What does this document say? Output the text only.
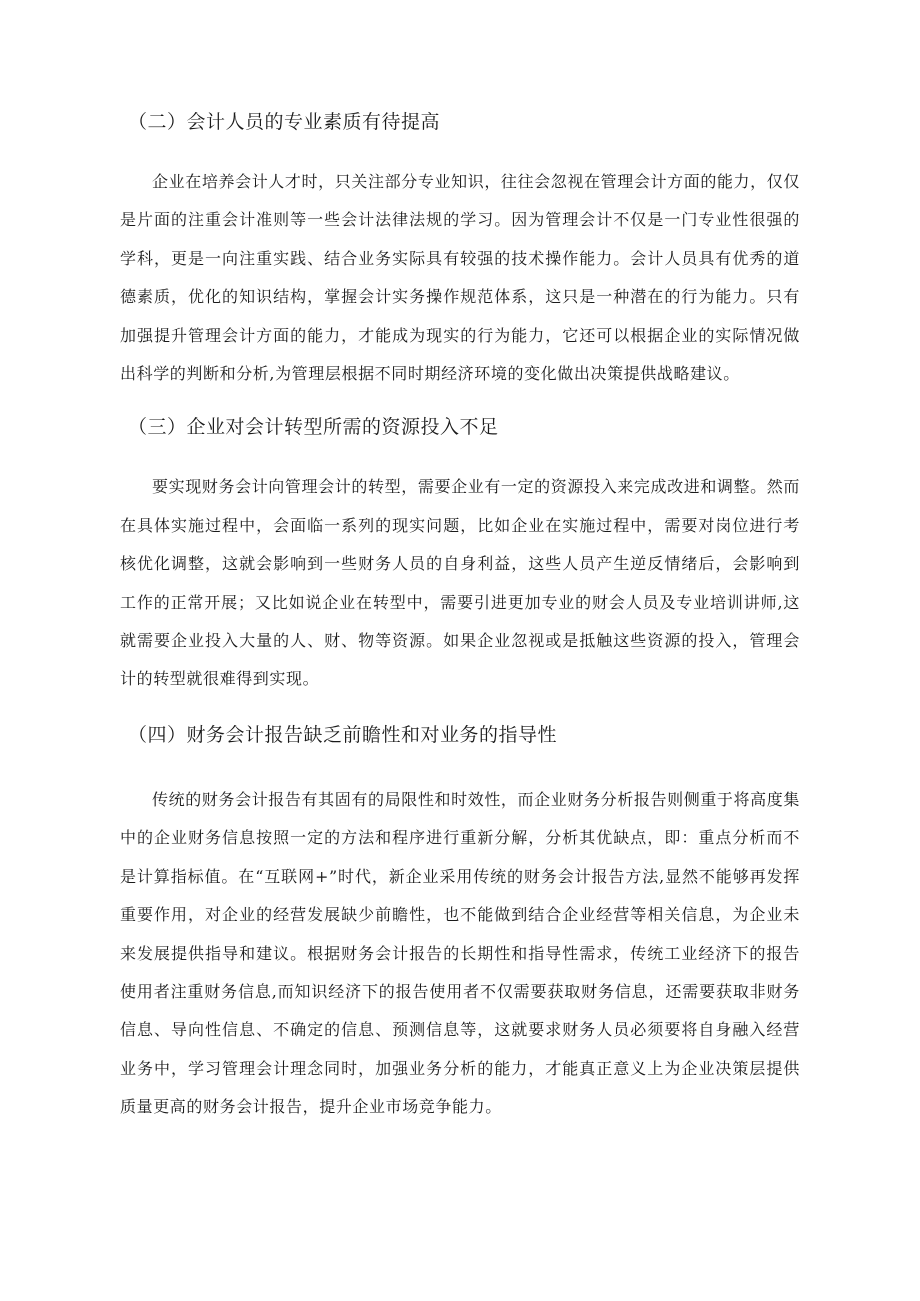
（二）会计人员的专业素质有待提高

企业在培养会计人才时，只关注部分专业知识，往往会忽视在管理会计方面的能力，仅仅是片面的注重会计准则等一些会计法律法规的学习。因为管理会计不仅是一门专业性很强的学科，更是一向注重实践、结合业务实际具有较强的技术操作能力。会计人员具有优秀的道德素质，优化的知识结构，掌握会计实务操作规范体系，这只是一种潜在的行为能力。只有加强提升管理会计方面的能力，才能成为现实的行为能力，它还可以根据企业的实际情况做出科学的判断和分析,为管理层根据不同时期经济环境的变化做出决策提供战略建议。

（三）企业对会计转型所需的资源投入不足

要实现财务会计向管理会计的转型，需要企业有一定的资源投入来完成改进和调整。然而在具体实施过程中，会面临一系列的现实问题，比如企业在实施过程中，需要对岗位进行考核优化调整，这就会影响到一些财务人员的自身利益，这些人员产生逆反情绪后，会影响到工作的正常开展；又比如说企业在转型中，需要引进更加专业的财会人员及专业培训讲师,这就需要企业投入大量的人、财、物等资源。如果企业忽视或是抵触这些资源的投入，管理会计的转型就很难得到实现。

（四）财务会计报告缺乏前瞻性和对业务的指导性

传统的财务会计报告有其固有的局限性和时效性，而企业财务分析报告则侧重于将高度集中的企业财务信息按照一定的方法和程序进行重新分解，分析其优缺点，即：重点分析而不是计算指标值。在“互联网+”时代，新企业采用传统的财务会计报告方法,显然不能够再发挥重要作用，对企业的经营发展缺少前瞻性，也不能做到结合企业经营等相关信息，为企业未来发展提供指导和建议。根据财务会计报告的长期性和指导性需求，传统工业经济下的报告使用者注重财务信息,而知识经济下的报告使用者不仅需要获取财务信息，还需要获取非财务信息、导向性信息、不确定的信息、预测信息等，这就要求财务人员必须要将自身融入经营业务中，学习管理会计理念同时，加强业务分析的能力，才能真正意义上为企业决策层提供质量更高的财务会计报告，提升企业市场竞争能力。
